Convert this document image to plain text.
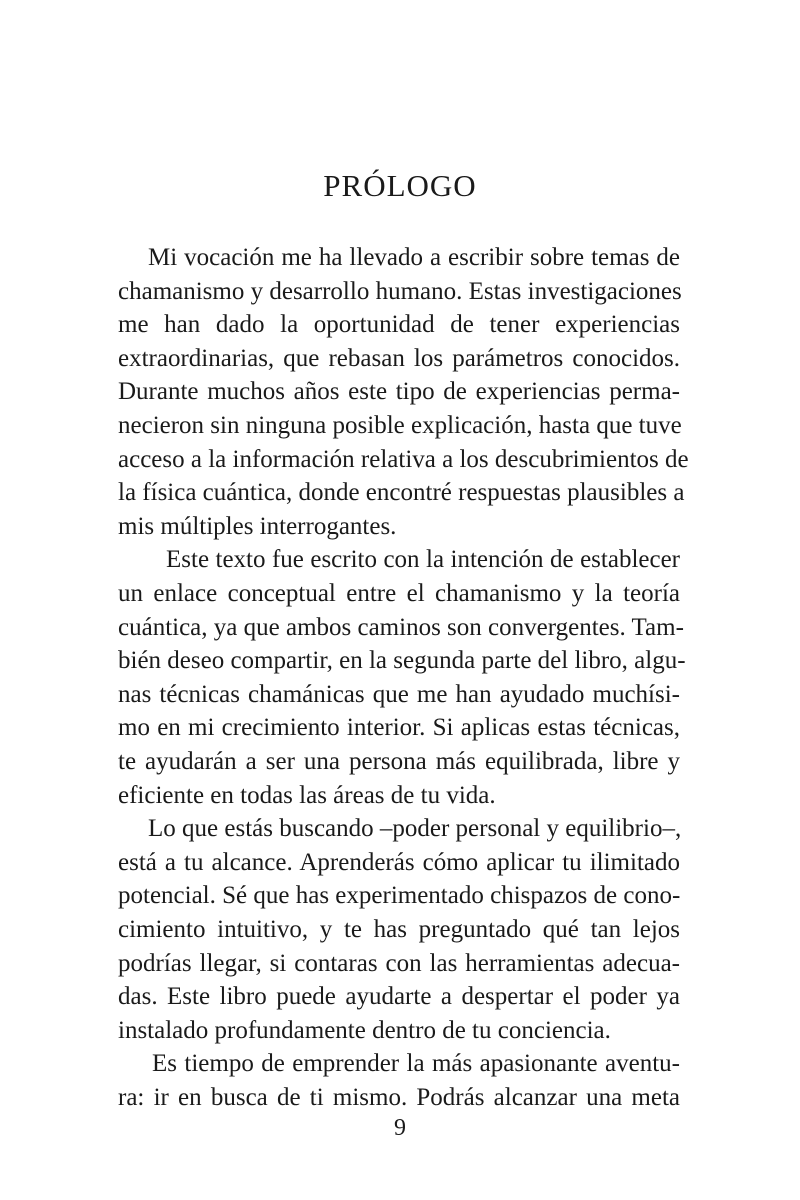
PRÓLOGO
Mi vocación me ha llevado a escribir sobre temas de
chamanismo y desarrollo humano. Estas investigaciones
me han dado la oportunidad de tener experiencias
extraordinarias, que rebasan los parámetros conocidos.
Durante muchos años este tipo de experiencias perma-
necieron sin ninguna posible explicación, hasta que tuve
acceso a la información relativa a los descubrimientos de
la física cuántica, donde encontré respuestas plausibles a
mis múltiples interrogantes.
Este texto fue escrito con la intención de establecer
un enlace conceptual entre el chamanismo y la teoría
cuántica, ya que ambos caminos son convergentes. Tam-
bién deseo compartir, en la segunda parte del libro, algu-
nas técnicas chamánicas que me han ayudado muchísi-
mo en mi crecimiento interior. Si aplicas estas técnicas,
te ayudarán a ser una persona más equilibrada, libre y
eficiente en todas las áreas de tu vida.
Lo que estás buscando –poder personal y equilibrio–,
está a tu alcance. Aprenderás cómo aplicar tu ilimitado
potencial. Sé que has experimentado chispazos de cono-
cimiento intuitivo, y te has preguntado qué tan lejos
podrías llegar, si contaras con las herramientas adecua-
das. Este libro puede ayudarte a despertar el poder ya
instalado profundamente dentro de tu conciencia.
Es tiempo de emprender la más apasionante aventu-
ra: ir en busca de ti mismo. Podrás alcanzar una meta
9
